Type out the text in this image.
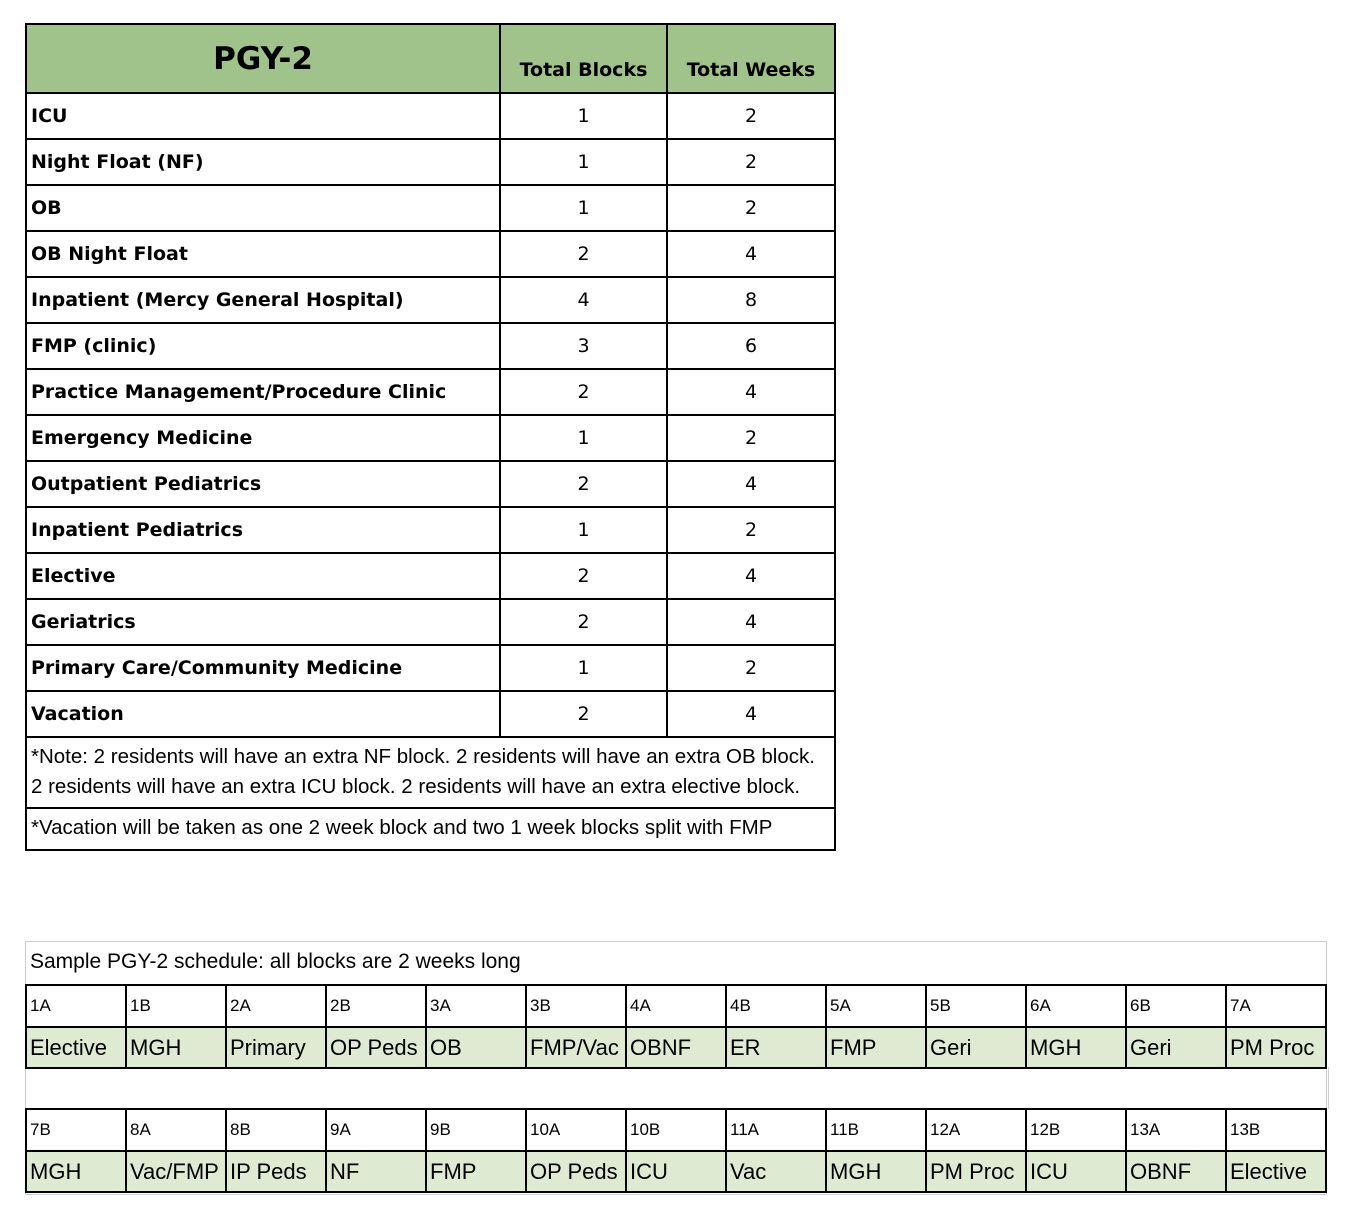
PGY-2	Total Blocks	Total Weeks
ICU	1	2
Night Float (NF)	1	2
OB	1	2
OB Night Float	2	4
Inpatient (Mercy General Hospital)	4	8
FMP (clinic)	3	6
Practice Management/Procedure Clinic	2	4
Emergency Medicine	1	2
Outpatient Pediatrics	2	4
Inpatient Pediatrics	1	2
Elective	2	4
Geriatrics	2	4
Primary Care/Community Medicine	1	2
Vacation	2	4
*Note: 2 residents will have an extra NF block. 2 residents will have an extra OB block. 2 residents will have an extra ICU block. 2 residents will have an extra elective block.		
*Vacation will be taken as one 2 week block and two 1 week blocks split with FMP		
Sample PGY-2 schedule: all blocks are 2 weeks long
1A	1B	2A	2B	3A	3B	4A	4B	5A	5B	6A	6B	7A
Elective	MGH	Primary	OP Peds	OB	FMP/Vac	OBNF	ER	FMP	Geri	MGH	Geri	PM Proc
7B	8A	8B	9A	9B	10A	10B	11A	11B	12A	12B	13A	13B
MGH	Vac/FMP	IP Peds	NF	FMP	OP Peds	ICU	Vac	MGH	PM Proc	ICU	OBNF	Elective
